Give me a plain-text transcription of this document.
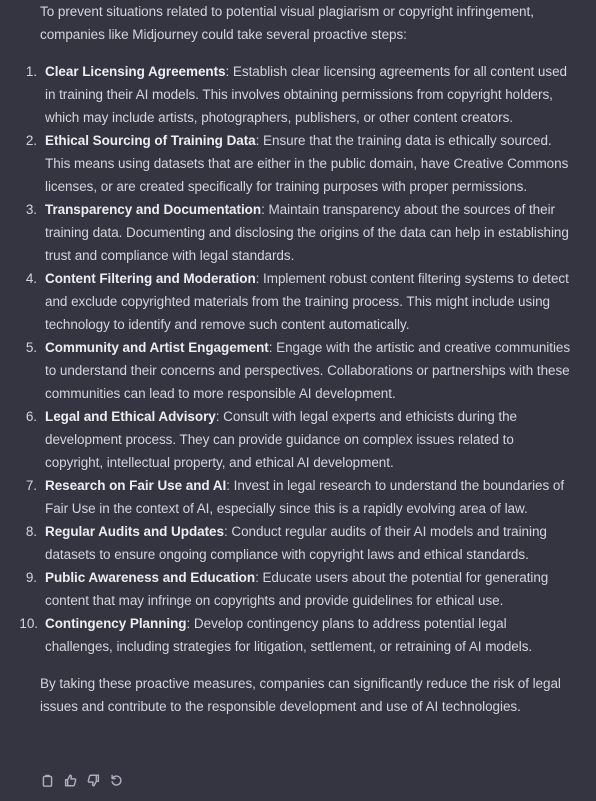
To prevent situations related to potential visual plagiarism or copyright infringement, companies like Midjourney could take several proactive steps:

1. Clear Licensing Agreements: Establish clear licensing agreements for all content used in training their AI models. This involves obtaining permissions from copyright holders, which may include artists, photographers, publishers, or other content creators.
2. Ethical Sourcing of Training Data: Ensure that the training data is ethically sourced. This means using datasets that are either in the public domain, have Creative Commons licenses, or are created specifically for training purposes with proper permissions.
3. Transparency and Documentation: Maintain transparency about the sources of their training data. Documenting and disclosing the origins of the data can help in establishing trust and compliance with legal standards.
4. Content Filtering and Moderation: Implement robust content filtering systems to detect and exclude copyrighted materials from the training process. This might include using technology to identify and remove such content automatically.
5. Community and Artist Engagement: Engage with the artistic and creative communities to understand their concerns and perspectives. Collaborations or partnerships with these communities can lead to more responsible AI development.
6. Legal and Ethical Advisory: Consult with legal experts and ethicists during the development process. They can provide guidance on complex issues related to copyright, intellectual property, and ethical AI development.
7. Research on Fair Use and AI: Invest in legal research to understand the boundaries of Fair Use in the context of AI, especially since this is a rapidly evolving area of law.
8. Regular Audits and Updates: Conduct regular audits of their AI models and training datasets to ensure ongoing compliance with copyright laws and ethical standards.
9. Public Awareness and Education: Educate users about the potential for generating content that may infringe on copyrights and provide guidelines for ethical use.
10. Contingency Planning: Develop contingency plans to address potential legal challenges, including strategies for litigation, settlement, or retraining of AI models.

By taking these proactive measures, companies can significantly reduce the risk of legal issues and contribute to the responsible development and use of AI technologies.
